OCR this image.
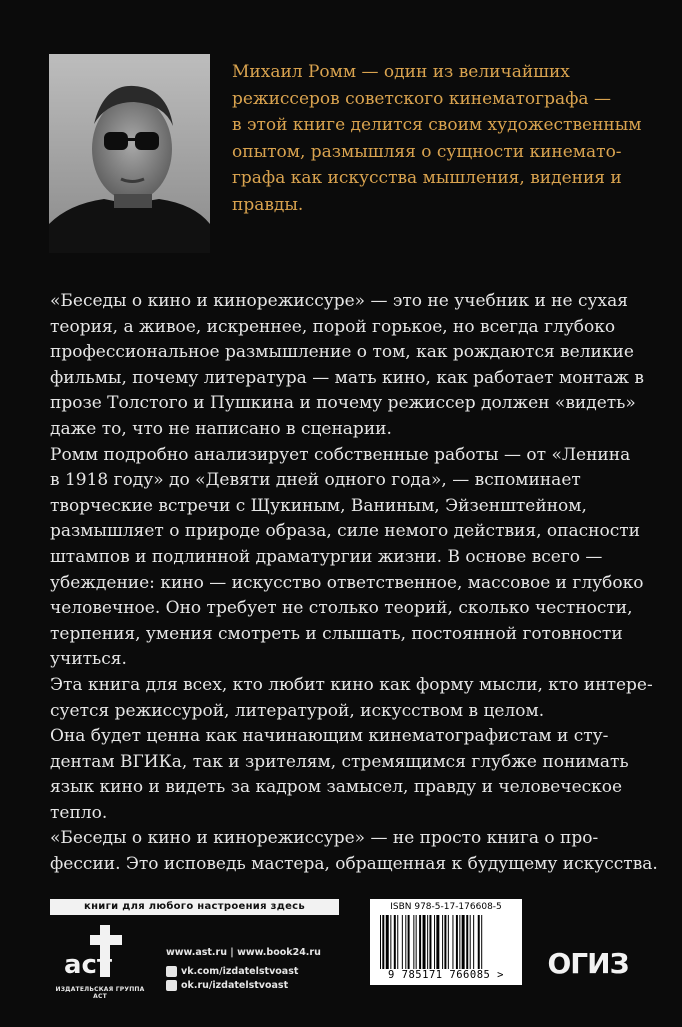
Михаил Ромм — один из величайших
режиссеров советского кинематографа —
в этой книге делится своим художественным
опытом, размышляя о сущности кинемато-
графа как искусства мышления, видения и
правды.

«Беседы о кино и кинорежиссуре» — это не учебник и не сухая
теория, а живое, искреннее, порой горькое, но всегда глубоко
профессиональное размышление о том, как рождаются великие
фильмы, почему литература — мать кино, как работает монтаж в
прозе Толстого и Пушкина и почему режиссер должен «видеть»
даже то, что не написано в сценарии.
Ромм подробно анализирует собственные работы — от «Ленина
в 1918 году» до «Девяти дней одного года», — вспоминает
творческие встречи с Щукиным, Ваниным, Эйзенштейном,
размышляет о природе образа, силе немого действия, опасности
штампов и подлинной драматургии жизни. В основе всего —
убеждение: кино — искусство ответственное, массовое и глубоко
человечное. Оно требует не столько теорий, сколько честности,
терпения, умения смотреть и слышать, постоянной готовности
учиться.
Эта книга для всех, кто любит кино как форму мысли, кто интере-
суется режиссурой, литературой, искусством в целом.
Она будет ценна как начинающим кинематографистам и сту-
дентам ВГИКа, так и зрителям, стремящимся глубже понимать
язык кино и видеть за кадром замысел, правду и человеческое
тепло.
«Беседы о кино и кинорежиссуре» — не просто книга о про-
фессии. Это исповедь мастера, обращенная к будущему искусства.

книги для любого настроения здесь
аст
ИЗДАТЕЛЬСКАЯ ГРУППА АСТ
www.ast.ru | www.book24.ru
vk.com/izdatelstvoast
ok.ru/izdatelstvoast
ISBN 978-5-17-176608-5
9 785171 766085 >	ОГИЗ
